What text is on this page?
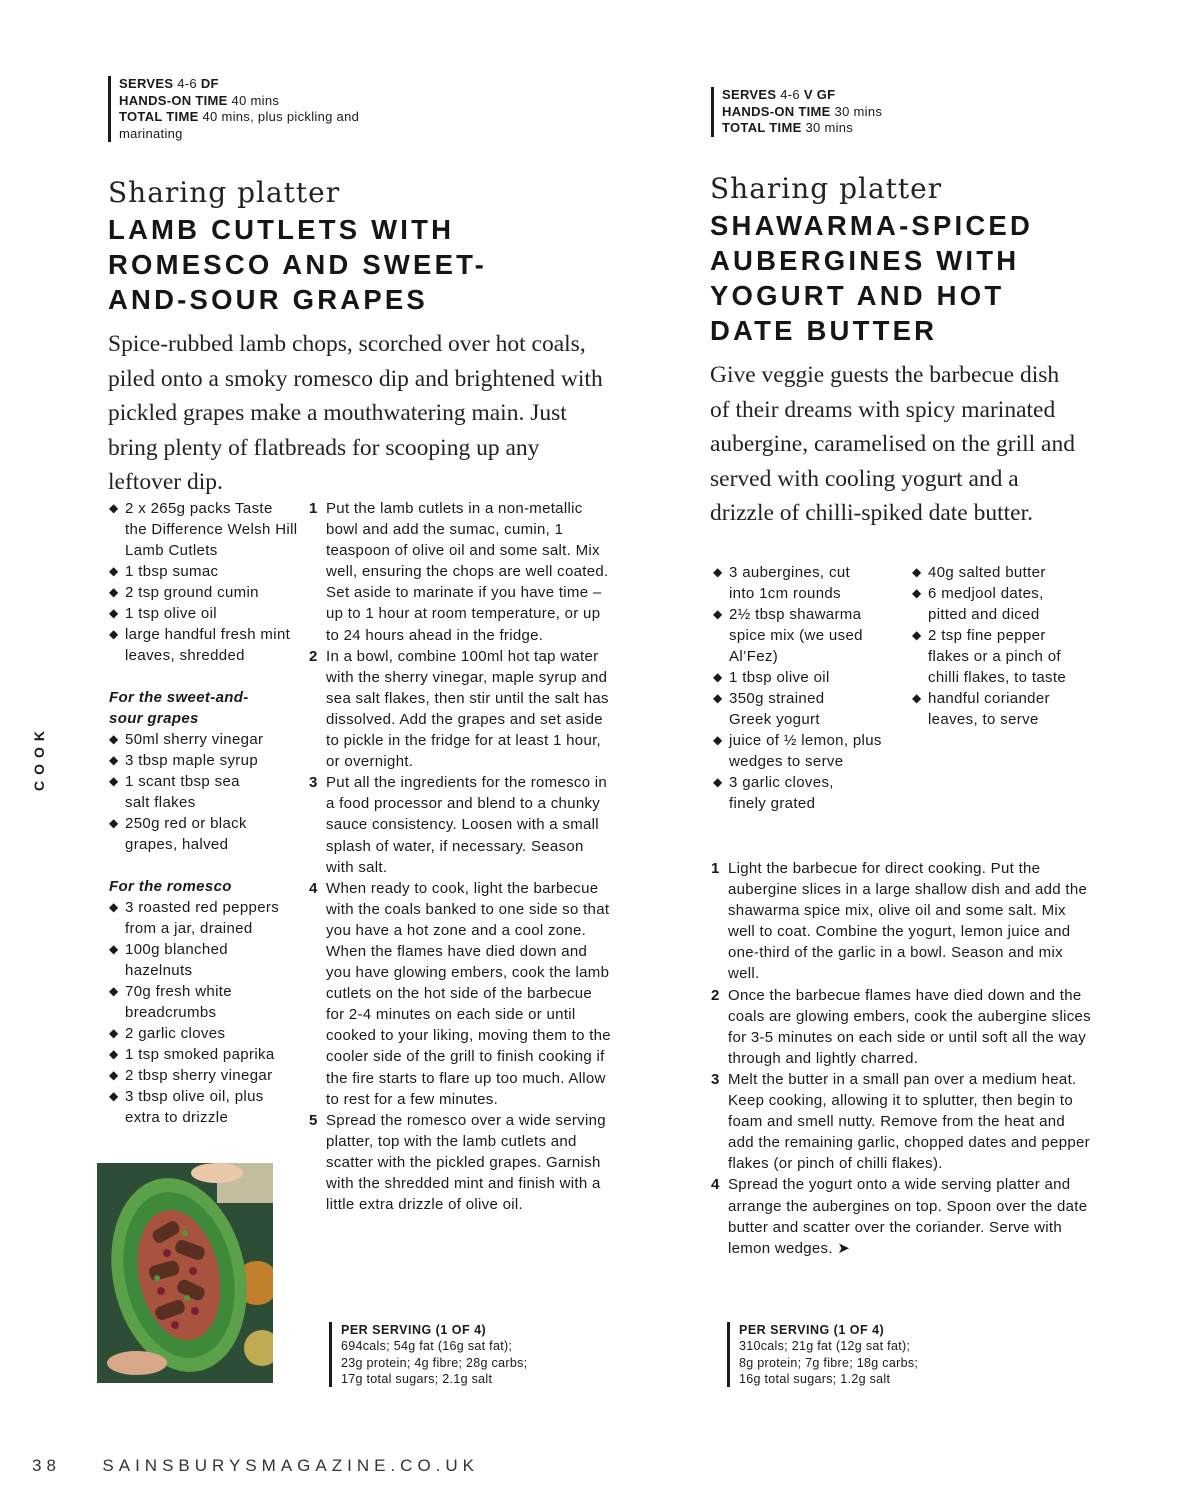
SERVES 4-6 DF
HANDS-ON TIME 40 mins
TOTAL TIME 40 mins, plus pickling and marinating
Sharing platter
LAMB CUTLETS WITH
ROMESCO AND SWEET-
AND-SOUR GRAPES

Spice-rubbed lamb chops, scorched over hot coals, piled onto a smoky romesco dip and brightened with pickled grapes make a mouthwatering main. Just bring plenty of flatbreads for scooping up any leftover dip.

◆ 2 x 265g packs Taste the Difference Welsh Hill Lamb Cutlets
◆ 1 tbsp sumac
◆ 2 tsp ground cumin
◆ 1 tsp olive oil
◆ large handful fresh mint leaves, shredded

For the sweet-and-sour grapes

◆ 50ml sherry vinegar
◆ 3 tbsp maple syrup
◆ 1 scant tbsp sea salt flakes
◆ 250g red or black grapes, halved

For the romesco

◆ 3 roasted red peppers from a jar, drained
◆ 100g blanched hazelnuts
◆ 70g fresh white breadcrumbs
◆ 2 garlic cloves
◆ 1 tsp smoked paprika
◆ 2 tbsp sherry vinegar
◆ 3 tbsp olive oil, plus extra to drizzle
1 Put the lamb cutlets in a non-metallic bowl and add the sumac, cumin, 1 teaspoon of olive oil and some salt. Mix well, ensuring the chops are well coated. Set aside to marinate if you have time – up to 1 hour at room temperature, or up to 24 hours ahead in the fridge.
2 In a bowl, combine 100ml hot tap water with the sherry vinegar, maple syrup and sea salt flakes, then stir until the salt has dissolved. Add the grapes and set aside to pickle in the fridge for at least 1 hour, or overnight.
3 Put all the ingredients for the romesco in a food processor and blend to a chunky sauce consistency. Loosen with a small splash of water, if necessary. Season with salt.
4 When ready to cook, light the barbecue with the coals banked to one side so that you have a hot zone and a cool zone. When the flames have died down and you have glowing embers, cook the lamb cutlets on the hot side of the barbecue for 2-4 minutes on each side or until cooked to your liking, moving them to the cooler side of the grill to finish cooking if the fire starts to flare up too much. Allow to rest for a few minutes.
5 Spread the romesco over a wide serving platter, top with the lamb cutlets and scatter with the pickled grapes. Garnish with the shredded mint and finish with a little extra drizzle of olive oil.
PER SERVING (1 OF 4)
694cals; 54g fat (16g sat fat);
23g protein; 4g fibre; 28g carbs;
17g total sugars; 2.1g salt
SERVES 4-6 V GF
HANDS-ON TIME 30 mins
TOTAL TIME 30 mins
Sharing platter
SHAWARMA-SPICED
AUBERGINES WITH
YOGURT AND HOT
DATE BUTTER

Give veggie guests the barbecue dish of their dreams with spicy marinated aubergine, caramelised on the grill and served with cooling yogurt and a drizzle of chilli-spiked date butter.

◆ 3 aubergines, cut into 1cm rounds
◆ 2½ tbsp shawarma spice mix (we used Al’Fez)
◆ 1 tbsp olive oil
◆ 350g strained Greek yogurt
◆ juice of ½ lemon, plus wedges to serve
◆ 3 garlic cloves, finely grated
◆ 40g salted butter
◆ 6 medjool dates, pitted and diced
◆ 2 tsp fine pepper flakes or a pinch of chilli flakes, to taste
◆ handful coriander leaves, to serve
1 Light the barbecue for direct cooking. Put the aubergine slices in a large shallow dish and add the shawarma spice mix, olive oil and some salt. Mix well to coat. Combine the yogurt, lemon juice and one-third of the garlic in a bowl. Season and mix well.
2 Once the barbecue flames have died down and the coals are glowing embers, cook the aubergine slices for 3-5 minutes on each side or until soft all the way through and lightly charred.
3 Melt the butter in a small pan over a medium heat. Keep cooking, allowing it to splutter, then begin to foam and smell nutty. Remove from the heat and add the remaining garlic, chopped dates and pepper flakes (or pinch of chilli flakes).
4 Spread the yogurt onto a wide serving platter and arrange the aubergines on top. Spoon over the date butter and scatter over the coriander. Serve with lemon wedges. ➤
PER SERVING (1 OF 4)
310cals; 21g fat (12g sat fat);
8g protein; 7g fibre; 18g carbs;
16g total sugars; 1.2g salt
COOK
38 SAINSBURYSMAGAZINE.CO.UK
